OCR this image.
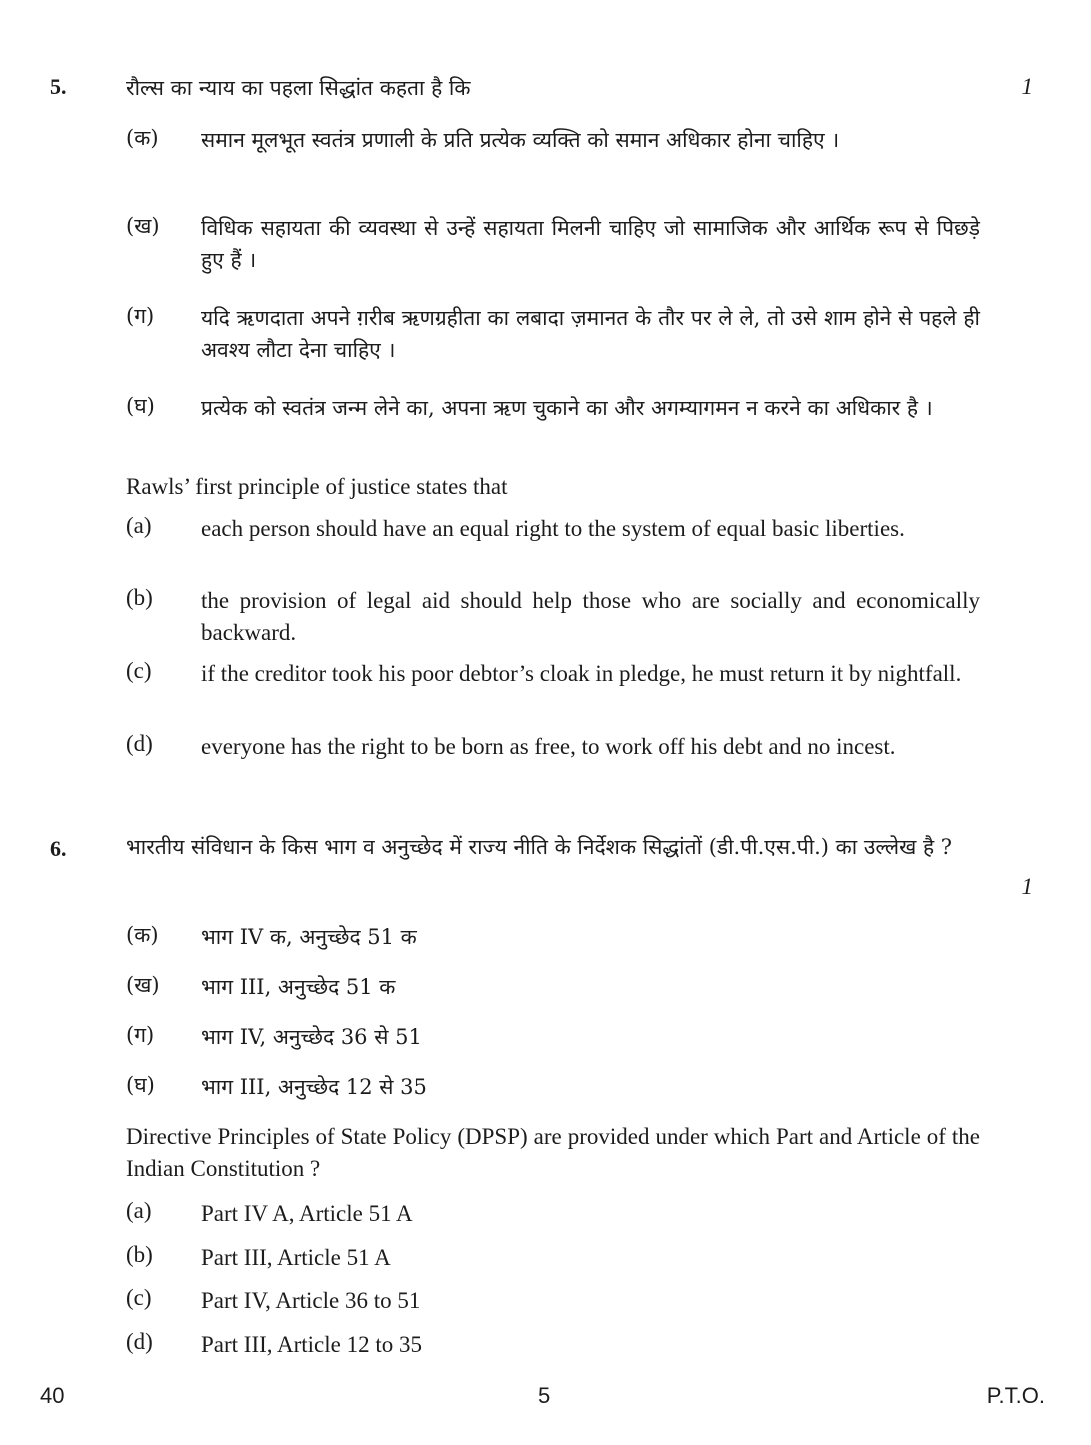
5.	रौल्स का न्याय का पहला सिद्धांत कहता है कि	1
(क)	समान मूलभूत स्वतंत्र प्रणाली के प्रति प्रत्येक व्यक्ति को समान अधिकार होना चाहिए ।
(ख)	विधिक सहायता की व्यवस्था से उन्हें सहायता मिलनी चाहिए जो सामाजिक और आर्थिक रूप से पिछड़े हुए हैं ।
(ग)	यदि ऋणदाता अपने ग़रीब ऋणग्रहीता का लबादा ज़मानत के तौर पर ले ले, तो उसे शाम होने से पहले ही अवश्य लौटा देना चाहिए ।
(घ)	प्रत्येक को स्वतंत्र जन्म लेने का, अपना ऋण चुकाने का और अगम्यागमन न करने का अधिकार है ।
Rawls’ first principle of justice states that
(a)	each person should have an equal right to the system of equal basic liberties.
(b)	the provision of legal aid should help those who are socially and economically backward.
(c)	if the creditor took his poor debtor’s cloak in pledge, he must return it by nightfall.
(d)	everyone has the right to be born as free, to work off his debt and no incest.
6.	भारतीय संविधान के किस भाग व अनुच्छेद में राज्य नीति के निर्देशक सिद्धांतों (डी.पी.एस.पी.) का उल्लेख है ?
1
(क)	भाग IV क, अनुच्छेद 51 क
(ख)	भाग III, अनुच्छेद 51 क
(ग)	भाग IV, अनुच्छेद 36 से 51
(घ)	भाग III, अनुच्छेद 12 से 35
Directive Principles of State Policy (DPSP) are provided under which Part and Article of the Indian Constitution ?
(a)	Part IV A, Article 51 A
(b)	Part III, Article 51 A
(c)	Part IV, Article 36 to 51
(d)	Part III, Article 12 to 35
40	5	P.T.O.
